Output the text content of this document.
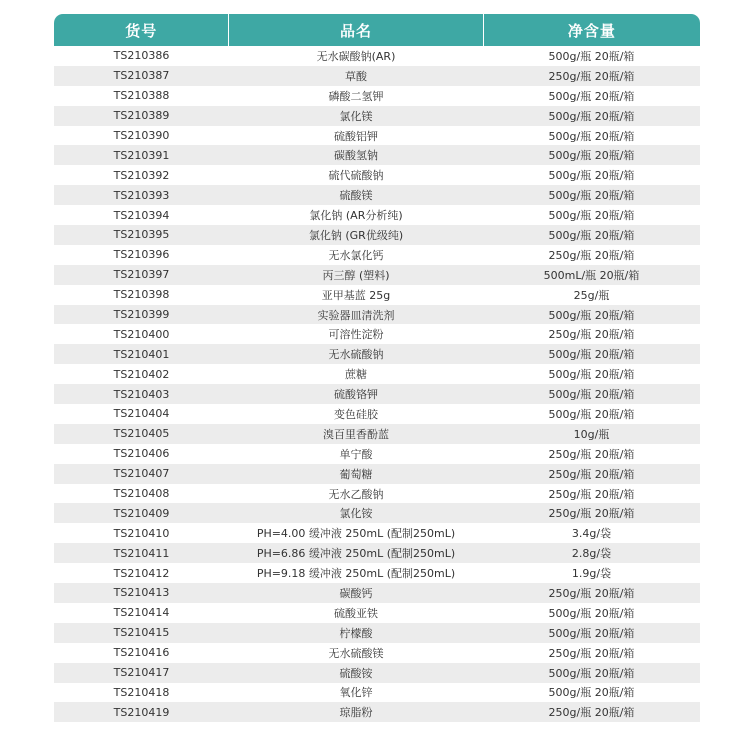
货号	品名	净含量
TS210386	无水碳酸钠(AR)	500g/瓶 20瓶/箱
TS210387	草酸	250g/瓶 20瓶/箱
TS210388	磷酸二氢钾	500g/瓶 20瓶/箱
TS210389	氯化镁	500g/瓶 20瓶/箱
TS210390	硫酸铝钾	500g/瓶 20瓶/箱
TS210391	碳酸氢钠	500g/瓶 20瓶/箱
TS210392	硫代硫酸钠	500g/瓶 20瓶/箱
TS210393	硫酸镁	500g/瓶 20瓶/箱
TS210394	氯化钠 (AR分析纯)	500g/瓶 20瓶/箱
TS210395	氯化钠 (GR优级纯)	500g/瓶 20瓶/箱
TS210396	无水氯化钙	250g/瓶 20瓶/箱
TS210397	丙三醇 (塑料)	500mL/瓶 20瓶/箱
TS210398	亚甲基蓝 25g	25g/瓶
TS210399	实验器皿清洗剂	500g/瓶 20瓶/箱
TS210400	可溶性淀粉	250g/瓶 20瓶/箱
TS210401	无水硫酸钠	500g/瓶 20瓶/箱
TS210402	蔗糖	500g/瓶 20瓶/箱
TS210403	硫酸铬钾	500g/瓶 20瓶/箱
TS210404	变色硅胶	500g/瓶 20瓶/箱
TS210405	溴百里香酚蓝	10g/瓶
TS210406	单宁酸	250g/瓶 20瓶/箱
TS210407	葡萄糖	250g/瓶 20瓶/箱
TS210408	无水乙酸钠	250g/瓶 20瓶/箱
TS210409	氯化铵	250g/瓶 20瓶/箱
TS210410	PH=4.00 缓冲液 250mL (配制250mL)	3.4g/袋
TS210411	PH=6.86 缓冲液 250mL (配制250mL)	2.8g/袋
TS210412	PH=9.18 缓冲液 250mL (配制250mL)	1.9g/袋
TS210413	碳酸钙	250g/瓶 20瓶/箱
TS210414	硫酸亚铁	500g/瓶 20瓶/箱
TS210415	柠檬酸	500g/瓶 20瓶/箱
TS210416	无水硫酸镁	250g/瓶 20瓶/箱
TS210417	硫酸铵	500g/瓶 20瓶/箱
TS210418	氧化锌	500g/瓶 20瓶/箱
TS210419	琼脂粉	250g/瓶 20瓶/箱
